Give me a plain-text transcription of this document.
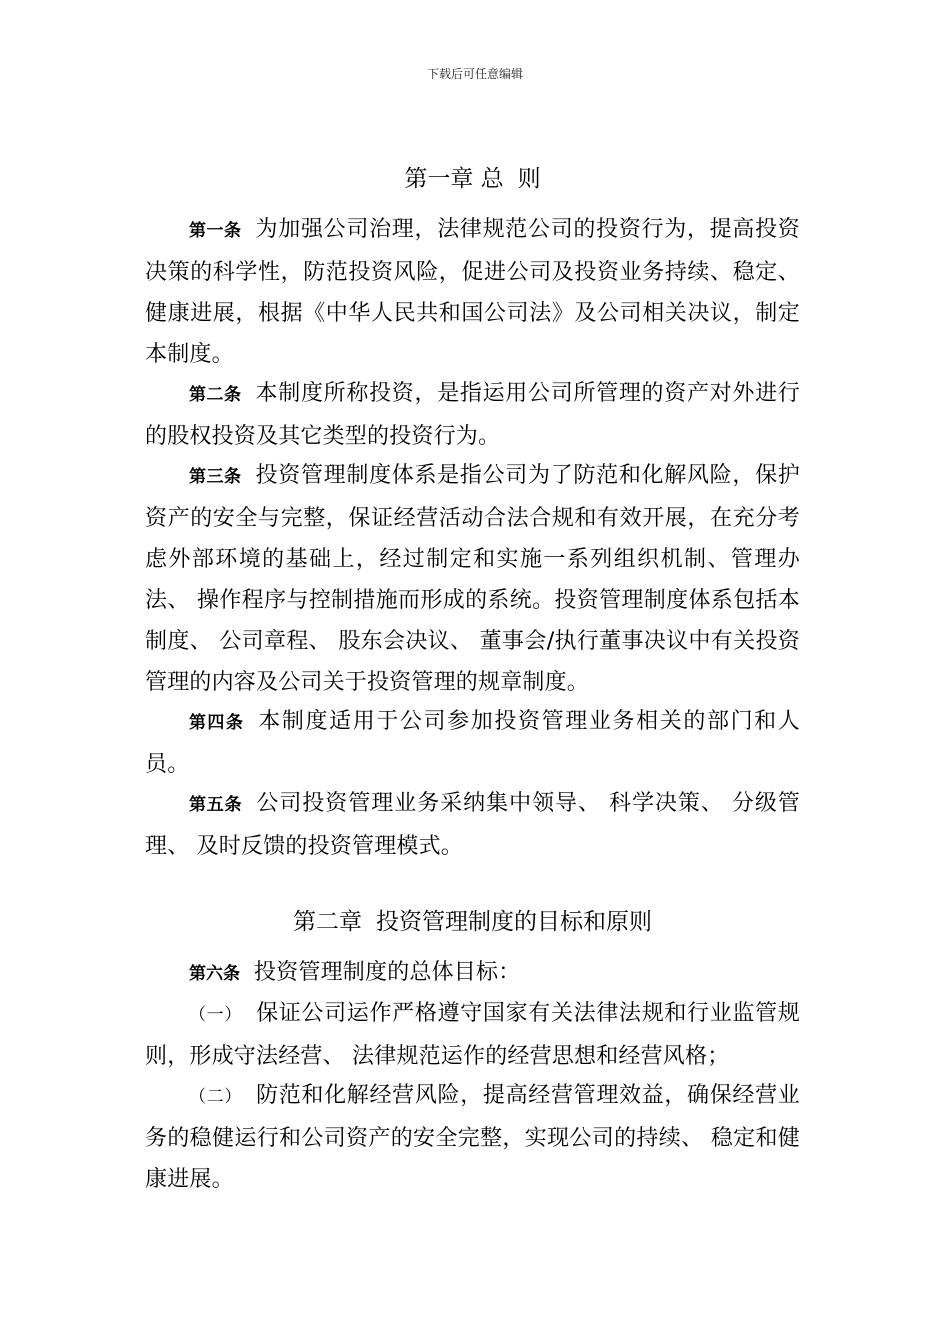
下载后可任意编辑
第一章 总 则

第一条 为加强公司治理，法律规范公司的投资行为，提高投资决策的科学性，防范投资风险，促进公司及投资业务持续、稳定、 健康进展，根据《中华人民共和国公司法》及公司相关决议，制定本制度。

第二条 本制度所称投资，是指运用公司所管理的资产对外进行的股权投资及其它类型的投资行为。

第三条 投资管理制度体系是指公司为了防范和化解风险，保护资产的安全与完整，保证经营活动合法合规和有效开展，在充分考虑外部环境的基础上，经过制定和实施一系列组织机制、管理办法、 操作程序与控制措施而形成的系统。投资管理制度体系包括本制度、 公司章程、 股东会决议、 董事会/执行董事决议中有关投资管理的内容及公司关于投资管理的规章制度。

第四条 本制度适用于公司参加投资管理业务相关的部门和人员。

第五条 公司投资管理业务采纳集中领导、 科学决策、 分级管理、 及时反馈的投资管理模式。

第二章 投资管理制度的目标和原则

第六条 投资管理制度的总体目标：

（一） 保证公司运作严格遵守国家有关法律法规和行业监管规则，形成守法经营、 法律规范运作的经营思想和经营风格；

（二） 防范和化解经营风险，提高经营管理效益，确保经营业务的稳健运行和公司资产的安全完整，实现公司的持续、 稳定和健康进展。
